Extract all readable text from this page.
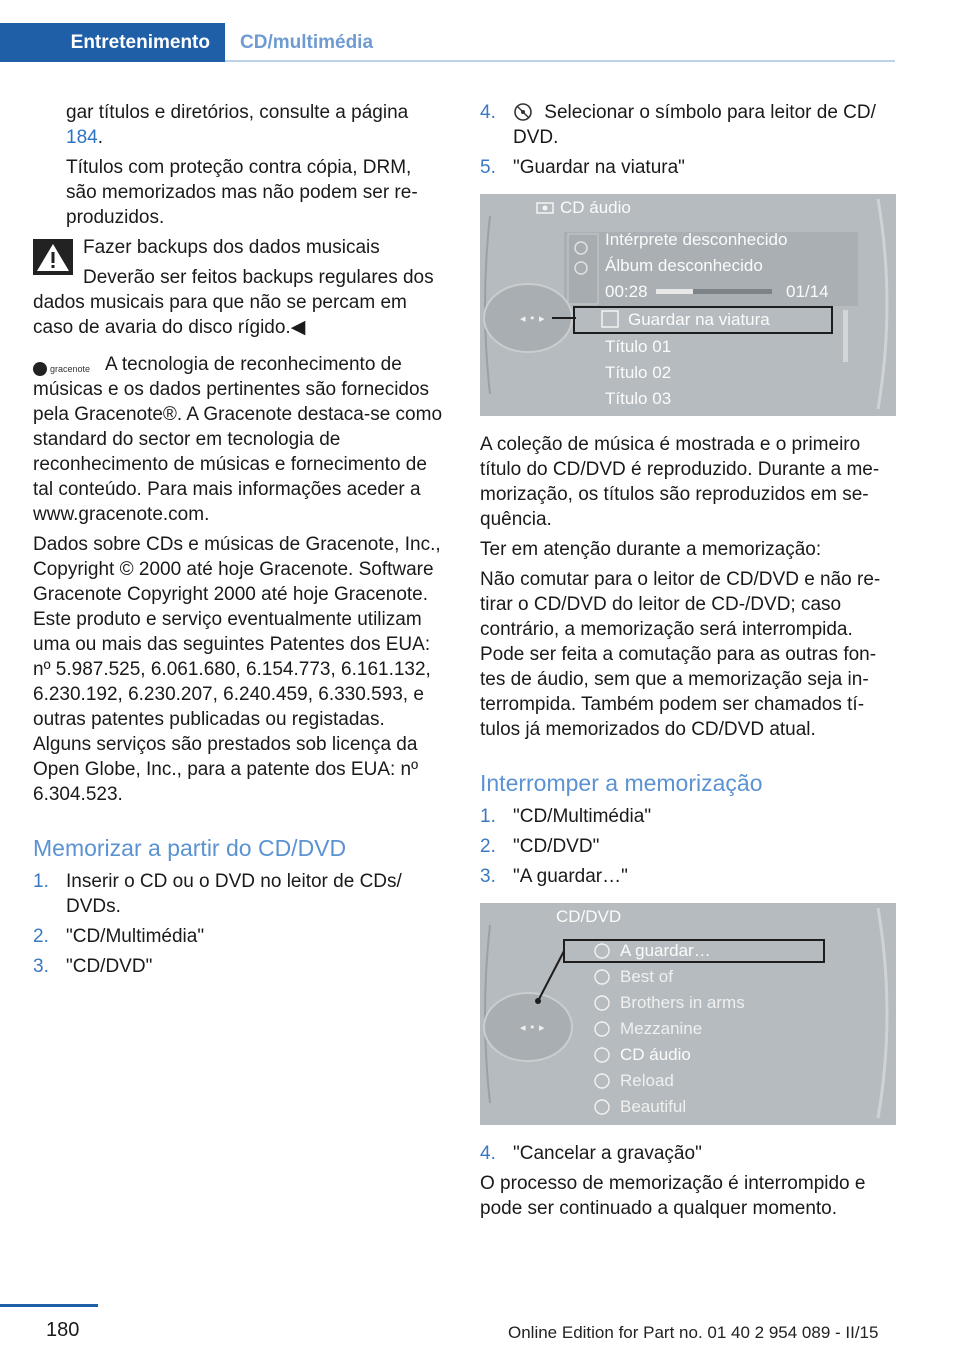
Entretenimento	CD/multimédia

gar títulos e diretórios, consulte a página 184.

Títulos com proteção contra cópia, DRM, são memorizados mas não podem ser reproduzidos.

Fazer backups dos dados musicais

Deverão ser feitos backups regulares dos dados musicais para que não se percam em caso de avaria do disco rígido.◀

gracenote A tecnologia de reconhecimento de músicas e os dados pertinentes são fornecidos pela Gracenote®. A Gracenote destaca-se como standard do sector em tecnologia de reconhecimento de músicas e fornecimento de tal conteúdo. Para mais informações aceder a www.gracenote.com.

Dados sobre CDs e músicas de Gracenote, Inc., Copyright © 2000 até hoje Gracenote. Software Gracenote Copyright 2000 até hoje Gracenote. Este produto e serviço eventualmente utilizam uma ou mais das seguintes Patentes dos EUA: nº 5.987.525, 6.061.680, 6.154.773, 6.161.132, 6.230.192, 6.230.207, 6.240.459, 6.330.593, e outras patentes publicadas ou registadas. Alguns serviços são prestados sob licença da Open Globe, Inc., para a patente dos EUA: nº 6.304.523.

Memorizar a partir do CD/DVD
1. Inserir o CD ou o DVD no leitor de CDs/ DVDs.
2. "CD/Multimédia"
3. "CD/DVD"
4.	Selecionar o símbolo para leitor de CD/ DVD.
5. "Guardar na viatura"
◂ • ▸
CD áudio
Intérprete desconhecido
Álbum desconhecido
00:28	01/14
Guardar na viatura
Título 01
Título 02
Título 03

A coleção de música é mostrada e o primeiro título do CD/DVD é reproduzido. Durante a memorização, os títulos são reproduzidos em sequência.

Ter em atenção durante a memorização:

Não comutar para o leitor de CD/DVD e não retirar o CD/DVD do leitor de CD-/DVD; caso contrário, a memorização será interrompida. Pode ser feita a comutação para as outras fontes de áudio, sem que a memorização seja interrompida. Também podem ser chamados títulos já memorizados do CD/DVD atual.

Interromper a memorização
1. "CD/Multimédia"
2. "CD/DVD"
3. "A guardar…"
◂ • ▸
CD/DVD
A guardar…
Best of
Brothers in arms
Mezzanine
CD áudio
Reload
Beautiful
4. "Cancelar a gravação"

O processo de memorização é interrompido e pode ser continuado a qualquer momento.

180	Online Edition for Part no. 01 40 2 954 089 - II/15
